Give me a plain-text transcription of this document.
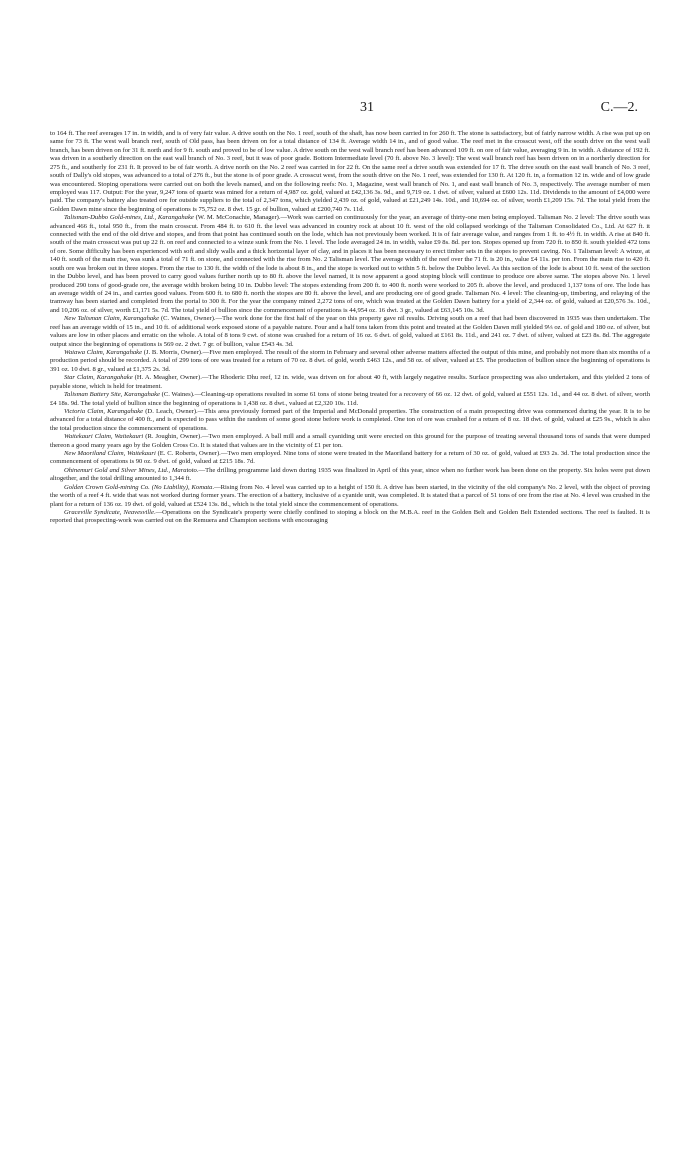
31	C.—2.

to 164 ft. The reef averages 17 in. in width, and is of very fair value. A drive south on the No. 1 reef, south of the shaft, has now been carried in for 260 ft. The stone is satisfactory, but of fairly narrow width. A rise was put up on same for 73 ft. The west wall branch reef, south of Old pass, has been driven on for a total distance of 134 ft. Average width 14 in., and of good value. The reef met in the crosscut west, off the south drive on the west wall branch, has been driven on for 31 ft. north and for 9 ft. south and proved to be of low value. A drive south on the west wall branch reef has been advanced 109 ft. on ore of fair value, averaging 9 in. in width. A distance of 192 ft. was driven in a southerly direction on the east wall branch of No. 3 reef, but it was of poor grade. Bottom Intermediate level (70 ft. above No. 3 level): The west wall branch reef has been driven on in a northerly direction for 275 ft., and southerly for 231 ft. It proved to be of fair worth. A drive north on the No. 2 reef was carried in for 22 ft. On the same reef a drive south was extended for 17 ft. The drive south on the east wall branch of No. 3 reef, south of Dally's old stopes, was advanced to a total of 276 ft., but the stone is of poor grade. A crosscut west, from the south drive on the No. 1 reef, was extended for 130 ft. At 120 ft. in, a formation 12 in. wide and of low grade was encountered. Stoping operations were carried out on both the levels named, and on the following reefs: No. 1, Magazine, west wall branch of No. 1, and east wall branch of No. 3, respectively. The average number of men employed was 117. Output: For the year, 9,247 tons of quartz was mined for a return of 4,987 oz. gold, valued at £42,136 3s. 9d., and 9,719 oz. 1 dwt. of silver, valued at £600 12s. 11d. Dividends to the amount of £4,000 were paid. The company's battery also treated ore for outside suppliers to the total of 2,347 tons, which yielded 2,439 oz. of gold, valued at £21,249 14s. 10d., and 10,694 oz. of silver, worth £1,209 15s. 7d. The total yield from the Golden Dawn mine since the beginning of operations is 75,752 oz. 8 dwt. 15 gr. of bullion, valued at £200,740 7s. 11d.

Talisman-Dubbo Gold-mines, Ltd., Karangahake (W. M. McConachie, Manager).—Work was carried on continuously for the year, an average of thirty-one men being employed. Talisman No. 2 level: The drive south was advanced 466 ft., total 950 ft., from the main crosscut. From 484 ft. to 610 ft. the level was advanced in country rock at about 10 ft. west of the old collapsed workings of the Talisman Consolidated Co., Ltd. At 627 ft. it connected with the end of the old drive and stopes, and from that point has continued south on the lode, which has not previously been worked. It is of fair average value, and ranges from 1 ft. to 4½ ft. in width. A rise at 840 ft. south of the main crosscut was put up 22 ft. on reef and connected to a winze sunk from the No. 1 level. The lode averaged 24 in. in width, value £9 8s. 8d. per ton. Stopes opened up from 720 ft. to 850 ft. south yielded 472 tons of ore. Some difficulty has been experienced with soft and slidy walls and a thick horizontal layer of clay, and in places it has been necessary to erect timber sets in the stopes to prevent caving. No. 1 Talisman level: A winze, at 140 ft. south of the main rise, was sunk a total of 71 ft. on stone, and connected with the rise from No. 2 Talisman level. The average width of the reef over the 71 ft. is 20 in., value £4 11s. per ton. From the main rise to 420 ft. south ore was broken out in three stopes. From the rise to 130 ft. the width of the lode is about 8 in., and the stope is worked out to within 5 ft. below the Dubbo level. As this section of the lode is about 10 ft. west of the section in the Dubbo level, and has been proved to carry good values further north up to 80 ft. above the level named, it is now apparent a good stoping block will continue to produce ore above same. The stopes above No. 1 level produced 290 tons of good-grade ore, the average width broken being 10 in. Dubbo level: The stopes extending from 200 ft. to 400 ft. north were worked to 205 ft. above the level, and produced 1,137 tons of ore. The lode has an average width of 24 in., and carries good values. From 600 ft. to 680 ft. north the stopes are 80 ft. above the level, and are producing ore of good grade. Talisman No. 4 level: The cleaning-up, timbering, and relaying of the tramway has been started and completed from the portal to 300 ft. For the year the company mined 2,272 tons of ore, which was treated at the Golden Dawn battery for a yield of 2,344 oz. of gold, valued at £20,576 3s. 10d., and 10,206 oz. of silver, worth £1,171 5s. 7d. The total yield of bullion since the commencement of operations is 44,954 oz. 16 dwt. 3 gr., valued at £63,145 10s. 3d.

New Talisman Claim, Karangahake (C. Waines, Owner).—The work done for the first half of the year on this property gave nil results. Driving south on a reef that had been discovered in 1935 was then undertaken. The reef has an average width of 15 in., and 10 ft. of additional work exposed stone of a payable nature. Four and a half tons taken from this point and treated at the Golden Dawn mill yielded 9⅓ oz. of gold and 180 oz. of silver, but values are low in other places and erratic on the whole. A total of 8 tons 9 cwt. of stone was crushed for a return of 16 oz. 6 dwt. of gold, valued at £161 8s. 11d., and 241 oz. 7 dwt. of silver, valued at £23 8s. 8d. The aggregate output since the beginning of operations is 569 oz. 2 dwt. 7 gr. of bullion, value £543 4s. 3d.

Waiawa Claim, Karangahake (J. B. Morris, Owner).—Five men employed. The result of the storm in February and several other adverse matters affected the output of this mine, and probably not more than six months of a production period should be recorded. A total of 299 tons of ore was treated for a return of 70 oz. 8 dwt. of gold, worth £463 12s., and 58 oz. of silver, valued at £5. The production of bullion since the beginning of operations is 391 oz. 10 dwt. 8 gr., valued at £1,375 2s. 3d.

Star Claim, Karangahake (H. A. Meagher, Owner).—The Rhoderic Dhu reef, 12 in. wide, was driven on for about 40 ft, with largely negative results. Surface prospecting was also undertaken, and this yielded 2 tons of payable stone, which is held for treatment.

Talisman Battery Site, Karangahake (C. Waines).—Cleaning-up operations resulted in some 61 tons of stone being treated for a recovery of 66 oz. 12 dwt. of gold, valued at £551 12s. 1d., and 44 oz. 8 dwt. of silver, worth £4 18s. 9d. The total yield of bullion since the beginning of operations is 1,438 oz. 8 dwt., valued at £2,320 10s. 11d.

Victoria Claim, Karangahake (D. Leach, Owner).—This area previously formed part of the Imperial and McDonald properties. The construction of a main prospecting drive was commenced during the year. It is to be advanced for a total distance of 400 ft., and is expected to pass within the random of some good stone before work is completed. One ton of ore was crushed for a return of 8 oz. 18 dwt. of gold, valued at £25 9s., which is also the total production since the commencement of operations.

Waitekauri Claim, Waitekauri (R. Joughin, Owner).—Two men employed. A ball mill and a small cyaniding unit were erected on this ground for the purpose of treating several thousand tons of sands that were dumped thereon a good many years ago by the Golden Cross Co. It is stated that values are in the vicinity of £1 per ton.

New Maoriland Claim, Waitekauri (E. C. Roberts, Owner).—Two men employed. Nine tons of stone were treated in the Maoriland battery for a return of 30 oz. of gold, valued at £93 2s. 3d. The total production since the commencement of operations is 90 oz. 9 dwt. of gold, valued at £215 18s. 7d.

Ohinemuri Gold and Silver Mines, Ltd., Maratoto.—The drilling programme laid down during 1935 was finalized in April of this year, since when no further work has been done on the property. Six holes were put down altogether, and the total drilling amounted to 1,344 ft.

Golden Crown Gold-mining Co. (No Liability), Komata.—Rising from No. 4 level was carried up to a height of 150 ft. A drive has been started, in the vicinity of the old company's No. 2 level, with the object of proving the worth of a reef 4 ft. wide that was not worked during former years. The erection of a battery, inclusive of a cyanide unit, was completed. It is stated that a parcel of 51 tons of ore from the rise at No. 4 level was crushed in the plant for a return of 136 oz. 19 dwt. of gold, valued at £524 13s. 8d., which is the total yield since the commencement of operations.

Graceville Syndicate, Neavesville.—Operations on the Syndicate's property were chiefly confined to stoping a block on the M.B.A. reef in the Golden Belt and Golden Belt Extended sections. The reef is faulted. It is reported that prospecting-work was carried out on the Remuera and Champion sections with encouraging
